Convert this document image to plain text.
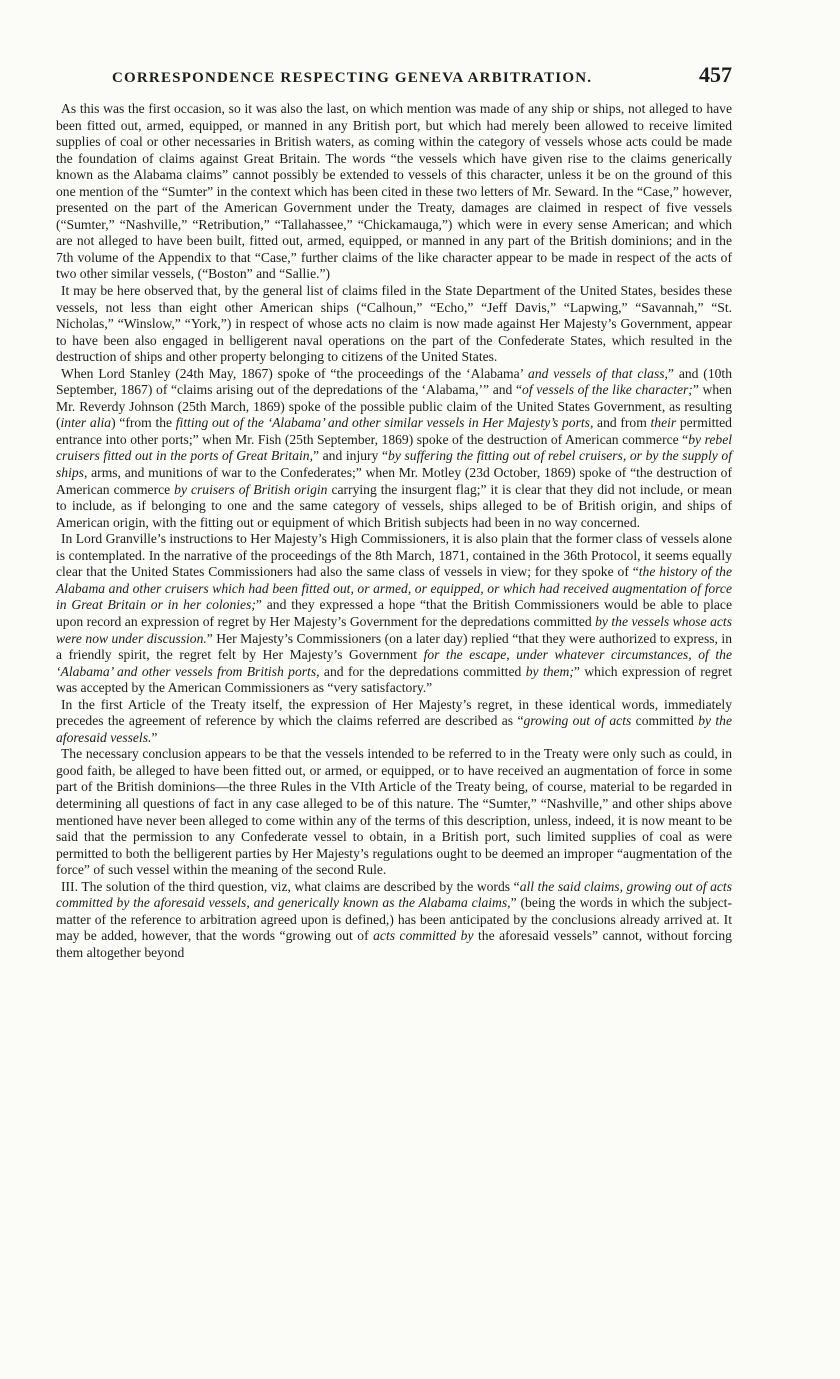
CORRESPONDENCE RESPECTING GENEVA ARBITRATION.	457

As this was the first occasion, so it was also the last, on which mention was made of any ship or ships, not alleged to have been fitted out, armed, equipped, or manned in any British port, but which had merely been allowed to receive limited supplies of coal or other necessaries in British waters, as coming within the category of vessels whose acts could be made the foundation of claims against Great Britain. The words “the vessels which have given rise to the claims generically known as the Alabama claims” cannot possibly be extended to vessels of this character, unless it be on the ground of this one mention of the “Sumter” in the context which has been cited in these two letters of Mr. Seward. In the “Case,” however, presented on the part of the American Government under the Treaty, damages are claimed in respect of five vessels (“Sumter,” “Nashville,” “Retribution,” “Tallahassee,” “Chickamauga,”) which were in every sense American; and which are not alleged to have been built, fitted out, armed, equipped, or manned in any part of the British dominions; and in the 7th volume of the Appendix to that “Case,” further claims of the like character appear to be made in respect of the acts of two other similar vessels, (“Boston” and “Sallie.”)

It may be here observed that, by the general list of claims filed in the State Department of the United States, besides these vessels, not less than eight other American ships (“Calhoun,” “Echo,” “Jeff Davis,” “Lapwing,” “Savannah,” “St. Nicholas,” “Winslow,” “York,”) in respect of whose acts no claim is now made against Her Majesty’s Government, appear to have been also engaged in belligerent naval operations on the part of the Confederate States, which resulted in the destruction of ships and other property belonging to citizens of the United States.

When Lord Stanley (24th May, 1867) spoke of “the proceedings of the ‘Alabama’ and vessels of that class,” and (10th September, 1867) of “claims arising out of the depredations of the ‘Alabama,’” and “of vessels of the like character;” when Mr. Reverdy Johnson (25th March, 1869) spoke of the possible public claim of the United States Government, as resulting (inter alia) “from the fitting out of the ‘Alabama’ and other similar vessels in Her Majesty’s ports, and from their permitted entrance into other ports;” when Mr. Fish (25th September, 1869) spoke of the destruction of American commerce “by rebel cruisers fitted out in the ports of Great Britain,” and injury “by suffering the fitting out of rebel cruisers, or by the supply of ships, arms, and munitions of war to the Confederates;” when Mr. Motley (23d October, 1869) spoke of “the destruction of American commerce by cruisers of British origin carrying the insurgent flag;” it is clear that they did not include, or mean to include, as if belonging to one and the same category of vessels, ships alleged to be of British origin, and ships of American origin, with the fitting out or equipment of which British subjects had been in no way concerned.

In Lord Granville’s instructions to Her Majesty’s High Commissioners, it is also plain that the former class of vessels alone is contemplated. In the narrative of the proceedings of the 8th March, 1871, contained in the 36th Protocol, it seems equally clear that the United States Commissioners had also the same class of vessels in view; for they spoke of “the history of the Alabama and other cruisers which had been fitted out, or armed, or equipped, or which had received augmentation of force in Great Britain or in her colonies;” and they expressed a hope “that the British Commissioners would be able to place upon record an expression of regret by Her Majesty’s Government for the depredations committed by the vessels whose acts were now under discussion.” Her Majesty’s Commissioners (on a later day) replied “that they were authorized to express, in a friendly spirit, the regret felt by Her Majesty’s Government for the escape, under whatever circumstances, of the ‘Alabama’ and other vessels from British ports, and for the depredations committed by them;” which expression of regret was accepted by the American Commissioners as “very satisfactory.”

In the first Article of the Treaty itself, the expression of Her Majesty’s regret, in these identical words, immediately precedes the agreement of reference by which the claims referred are described as “growing out of acts committed by the aforesaid vessels.”

The necessary conclusion appears to be that the vessels intended to be referred to in the Treaty were only such as could, in good faith, be alleged to have been fitted out, or armed, or equipped, or to have received an augmentation of force in some part of the British dominions—the three Rules in the VIth Article of the Treaty being, of course, material to be regarded in determining all questions of fact in any case alleged to be of this nature. The “Sumter,” “Nashville,” and other ships above mentioned have never been alleged to come within any of the terms of this description, unless, indeed, it is now meant to be said that the permission to any Confederate vessel to obtain, in a British port, such limited supplies of coal as were permitted to both the belligerent parties by Her Majesty’s regulations ought to be deemed an improper “augmentation of the force” of such vessel within the meaning of the second Rule.

III. The solution of the third question, viz, what claims are described by the words “all the said claims, growing out of acts committed by the aforesaid vessels, and generically known as the Alabama claims,” (being the words in which the subject-matter of the reference to arbitration agreed upon is defined,) has been anticipated by the conclusions already arrived at. It may be added, however, that the words “growing out of acts committed by the aforesaid vessels” cannot, without forcing them altogether beyond
